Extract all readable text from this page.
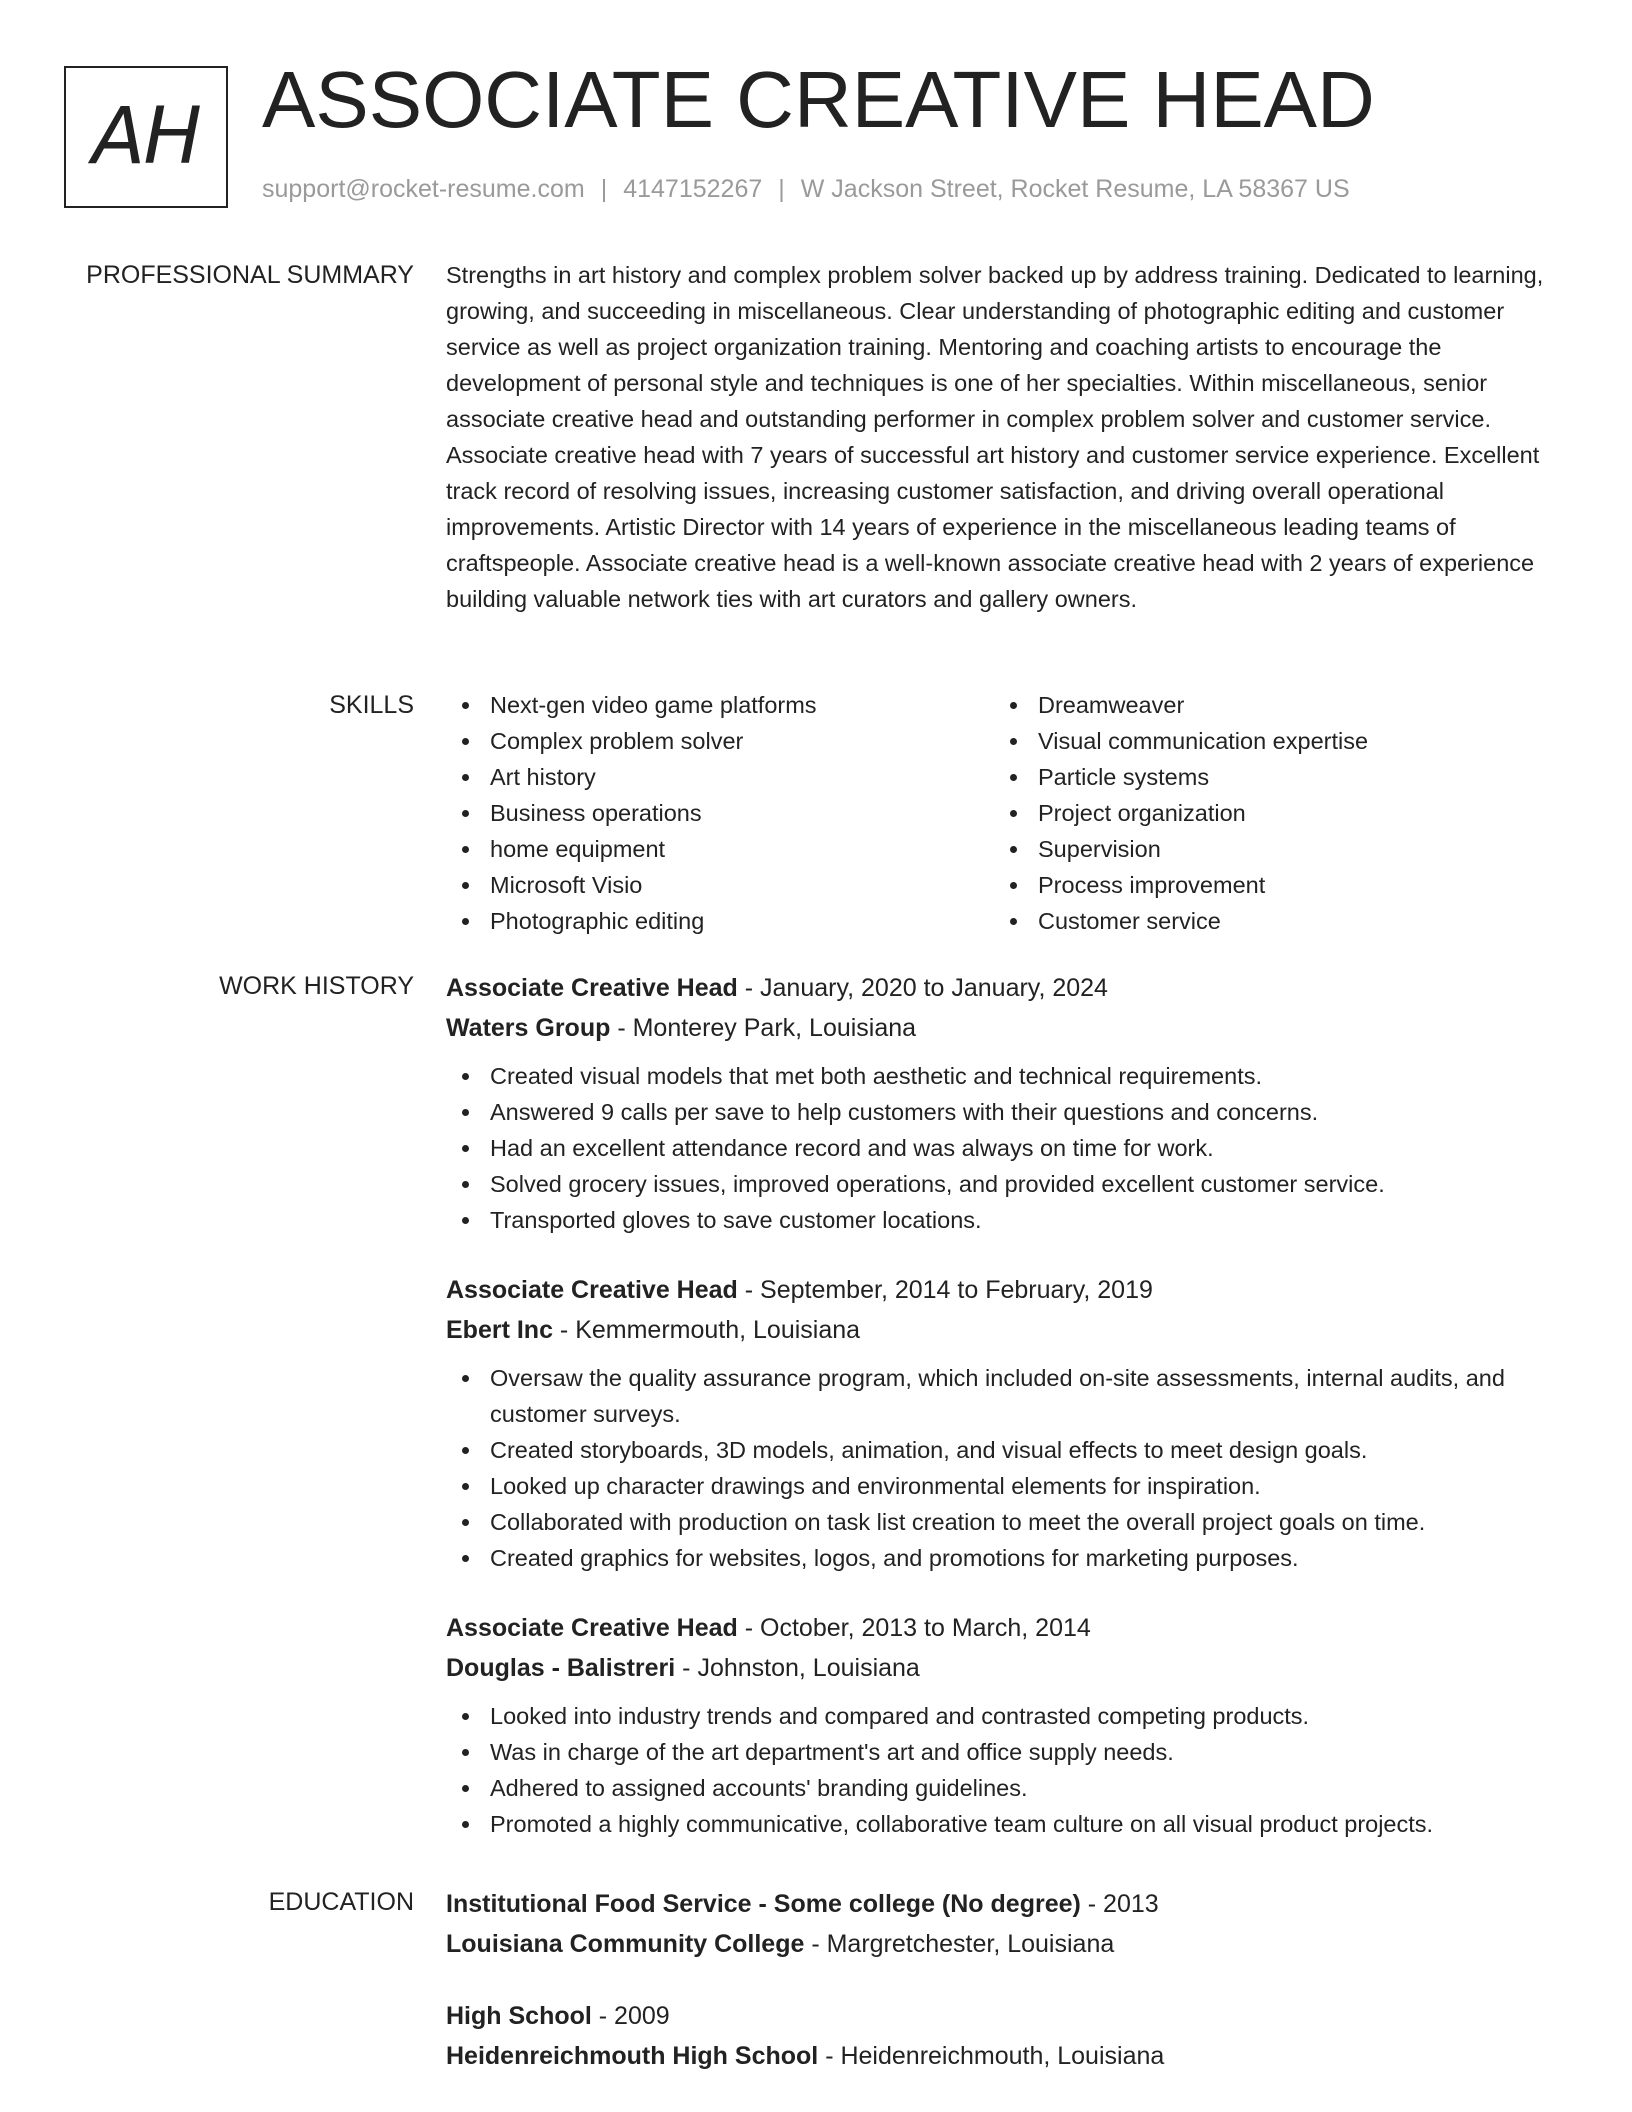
AH ASSOCIATE CREATIVE HEAD
support@rocket-resume.com | 4147152267 | W Jackson Street, Rocket Resume, LA 58367 US
PROFESSIONAL SUMMARY Strengths in art history and complex problem solver backed up by address training. Dedicated to learning, growing, and succeeding in miscellaneous. Clear understanding of photographic editing and customer service as well as project organization training. Mentoring and coaching artists to encourage the development of personal style and techniques is one of her specialties. Within miscellaneous, senior associate creative head and outstanding performer in complex problem solver and customer service. Associate creative head with 7 years of successful art history and customer service experience. Excellent track record of resolving issues, increasing customer satisfaction, and driving overall operational improvements. Artistic Director with 14 years of experience in the miscellaneous leading teams of craftspeople. Associate creative head is a well-known associate creative head with 2 years of experience building valuable network ties with art curators and gallery owners.

SKILLS	Next-gen video game platforms
Complex problem solver
Art history
Business operations
home equipment
Microsoft Visio
Photographic editing
Dreamweaver
Visual communication expertise
Particle systems
Project organization
Supervision
Process improvement
Customer service
WORK HISTORY Associate Creative Head - January, 2020 to January, 2024
Waters Group - Monterey Park, Louisiana
Created visual models that met both aesthetic and technical requirements.
Answered 9 calls per save to help customers with their questions and concerns.
Had an excellent attendance record and was always on time for work.
Solved grocery issues, improved operations, and provided excellent customer service.
Transported gloves to save customer locations.
Associate Creative Head - September, 2014 to February, 2019
Ebert Inc - Kemmermouth, Louisiana
Oversaw the quality assurance program, which included on-site assessments, internal audits, and customer surveys.
Created storyboards, 3D models, animation, and visual effects to meet design goals.
Looked up character drawings and environmental elements for inspiration.
Collaborated with production on task list creation to meet the overall project goals on time.
Created graphics for websites, logos, and promotions for marketing purposes.
Associate Creative Head - October, 2013 to March, 2014
Douglas - Balistreri - Johnston, Louisiana
Looked into industry trends and compared and contrasted competing products.
Was in charge of the art department's art and office supply needs.
Adhered to assigned accounts' branding guidelines.
Promoted a highly communicative, collaborative team culture on all visual product projects.
EDUCATION Institutional Food Service - Some college (No degree) - 2013
Louisiana Community College - Margretchester, Louisiana
High School - 2009
Heidenreichmouth High School - Heidenreichmouth, Louisiana
